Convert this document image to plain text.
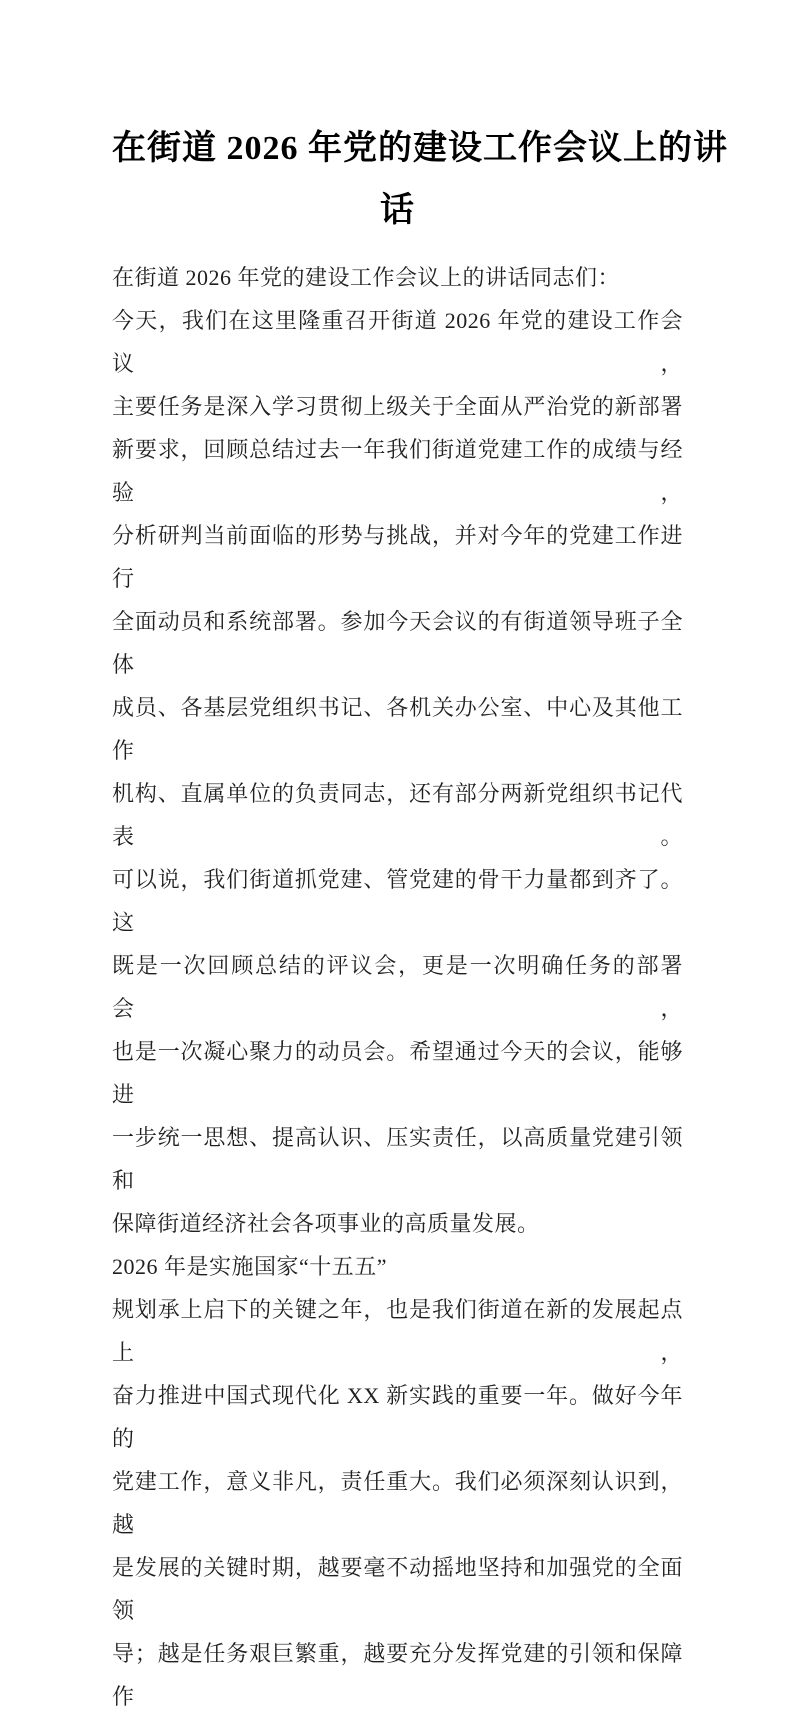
在街道 2026 年党的建设工作会议上的讲
话
在街道 2026 年党的建设工作会议上的讲话同志们：
今天，我们在这里隆重召开街道 2026 年党的建设工作会议，
主要任务是深入学习贯彻上级关于全面从严治党的新部署
新要求，回顾总结过去一年我们街道党建工作的成绩与经验，
分析研判当前面临的形势与挑战，并对今年的党建工作进行
全面动员和系统部署。参加今天会议的有街道领导班子全体
成员、各基层党组织书记、各机关办公室、中心及其他工作
机构、直属单位的负责同志，还有部分两新党组织书记代表。
可以说，我们街道抓党建、管党建的骨干力量都到齐了。这
既是一次回顾总结的评议会，更是一次明确任务的部署会，
也是一次凝心聚力的动员会。希望通过今天的会议，能够进
一步统一思想、提高认识、压实责任，以高质量党建引领和
保障街道经济社会各项事业的高质量发展。
2026 年是实施国家“十五五”
规划承上启下的关键之年，也是我们街道在新的发展起点上，
奋力推进中国式现代化 XX 新实践的重要一年。做好今年的
党建工作，意义非凡，责任重大。我们必须深刻认识到，越
是发展的关键时期，越要毫不动摇地坚持和加强党的全面领
导；越是任务艰巨繁重，越要充分发挥党建的引领和保障作
